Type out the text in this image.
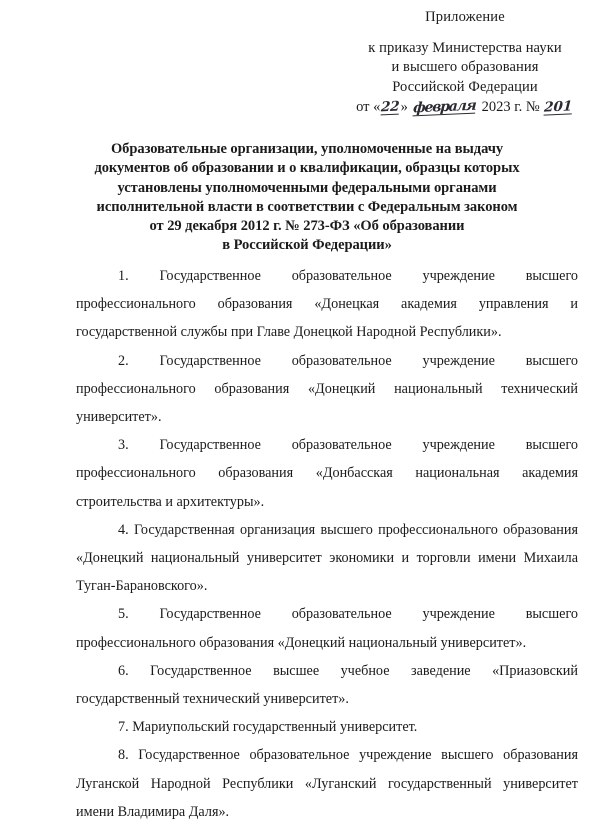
Приложение
к приказу Министерства науки
и высшего образования
Российской Федерации
от «22» февраля 2023 г. № 201
Образовательные организации, уполномоченные на выдачу
документов об образовании и о квалификации, образцы которых
установлены уполномоченными федеральными органами
исполнительной власти в соответствии с Федеральным законом
от 29 декабря 2012 г. № 273-ФЗ «Об образовании
в Российской Федерации»

1. Государственное образовательное учреждение высшего профессионального образования «Донецкая академия управления и государственной службы при Главе Донецкой Народной Республики».

2. Государственное образовательное учреждение высшего профессионального образования «Донецкий национальный технический университет».

3. Государственное образовательное учреждение высшего профессионального образования «Донбасская национальная академия строительства и архитектуры».

4. Государственная организация высшего профессионального образования «Донецкий национальный университет экономики и торговли имени Михаила Туган-Барановского».

5. Государственное образовательное учреждение высшего профессионального образования «Донецкий национальный университет».

6. Государственное высшее учебное заведение «Приазовский государственный технический университет».

7. Мариупольский государственный университет.

8. Государственное образовательное учреждение высшего образования Луганской Народной Республики «Луганский государственный университет имени Владимира Даля».
